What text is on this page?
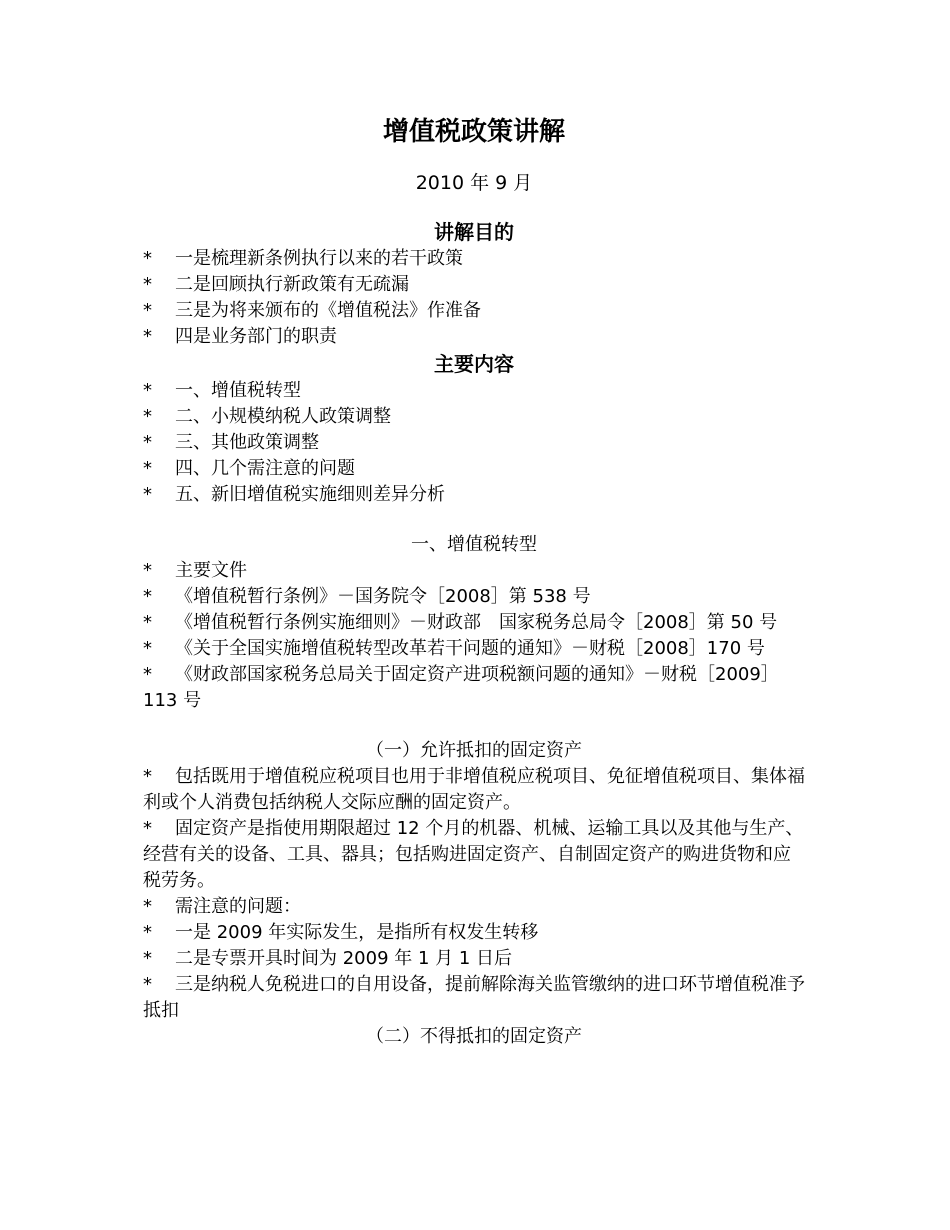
增值税政策讲解
2010 年 9 月
讲解目的
*	一是梳理新条例执行以来的若干政策
*	二是回顾执行新政策有无疏漏
*	三是为将来颁布的《增值税法》作准备
*	四是业务部门的职责
主要内容
*	一、增值税转型
*	二、小规模纳税人政策调整
*	三、其他政策调整
*	四、几个需注意的问题
*	五、新旧增值税实施细则差异分析
一、增值税转型
*	主要文件
*	《增值税暂行条例》－国务院令［2008］第 538 号
* 《增值税暂行条例实施细则》－财政部　国家税务总局令［2008］第 50 号
* 《关于全国实施增值税转型改革若干问题的通知》－财税［2008］170 号
* 《财政部国家税务总局关于固定资产进项税额问题的通知》－财税［2009］113 号
（一）允许抵扣的固定资产
* 包括既用于增值税应税项目也用于非增值税应税项目、免征增值税项目、集体福利或个人消费包括纳税人交际应酬的固定资产。
* 固定资产是指使用期限超过 12 个月的机器、机械、运输工具以及其他与生产、经营有关的设备、工具、器具；包括购进固定资产、自制固定资产的购进货物和应税劳务。
*	需注意的问题：
*	一是 2009 年实际发生，是指所有权发生转移
*	二是专票开具时间为 2009 年 1 月 1 日后
* 三是纳税人免税进口的自用设备，提前解除海关监管缴纳的进口环节增值税准予抵扣
（二）不得抵扣的固定资产
